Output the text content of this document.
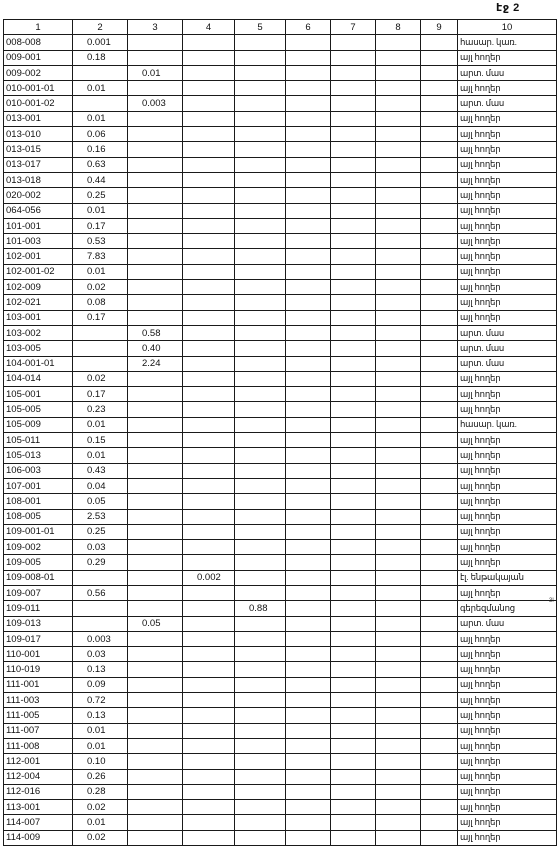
էջ 2
3l
1	2	3	4	5	6	7	8	9	10
008-008	0.001								հասար. կառ.
009-001	0.18								այլ հողեր
009-002		0.01							արտ. մաս
010-001-01	0.01								այլ հողեր
010-001-02		0.003							արտ. մաս
013-001	0.01								այլ հողեր
013-010	0.06								այլ հողեր
013-015	0.16								այլ հողեր
013-017	0.63								այլ հողեր
013-018	0.44								այլ հողեր
020-002	0.25								այլ հողեր
064-056	0.01								այլ հողեր
101-001	0.17								այլ հողեր
101-003	0.53								այլ հողեր
102-001	7.83								այլ հողեր
102-001-02	0.01								այլ հողեր
102-009	0.02								այլ հողեր
102-021	0.08								այլ հողեր
103-001	0.17								այլ հողեր
103-002		0.58							արտ. մաս
103-005		0.40							արտ. մաս
104-001-01		2.24							արտ. մաս
104-014	0.02								այլ հողեր
105-001	0.17								այլ հողեր
105-005	0.23								այլ հողեր
105-009	0.01								հասար. կառ.
105-011	0.15								այլ հողեր
105-013	0.01								այլ հողեր
106-003	0.43								այլ հողեր
107-001	0.04								այլ հողեր
108-001	0.05								այլ հողեր
108-005	2.53								այլ հողեր
109-001-01	0.25								այլ հողեր
109-002	0.03								այլ հողեր
109-005	0.29								այլ հողեր
109-008-01			0.002						էլ. ենթակայան
109-007	0.56								այլ հողեր
109-011				0.88					գերեզմանոց
109-013		0.05							արտ. մաս
109-017	0.003								այլ հողեր
110-001	0.03								այլ հողեր
110-019	0.13								այլ հողեր
111-001	0.09								այլ հողեր
111-003	0.72								այլ հողեր
111-005	0.13								այլ հողեր
111-007	0.01								այլ հողեր
111-008	0.01								այլ հողեր
112-001	0.10								այլ հողեր
112-004	0.26								այլ հողեր
112-016	0.28								այլ հողեր
113-001	0.02								այլ հողեր
114-007	0.01								այլ հողեր
114-009	0.02								այլ հողեր
